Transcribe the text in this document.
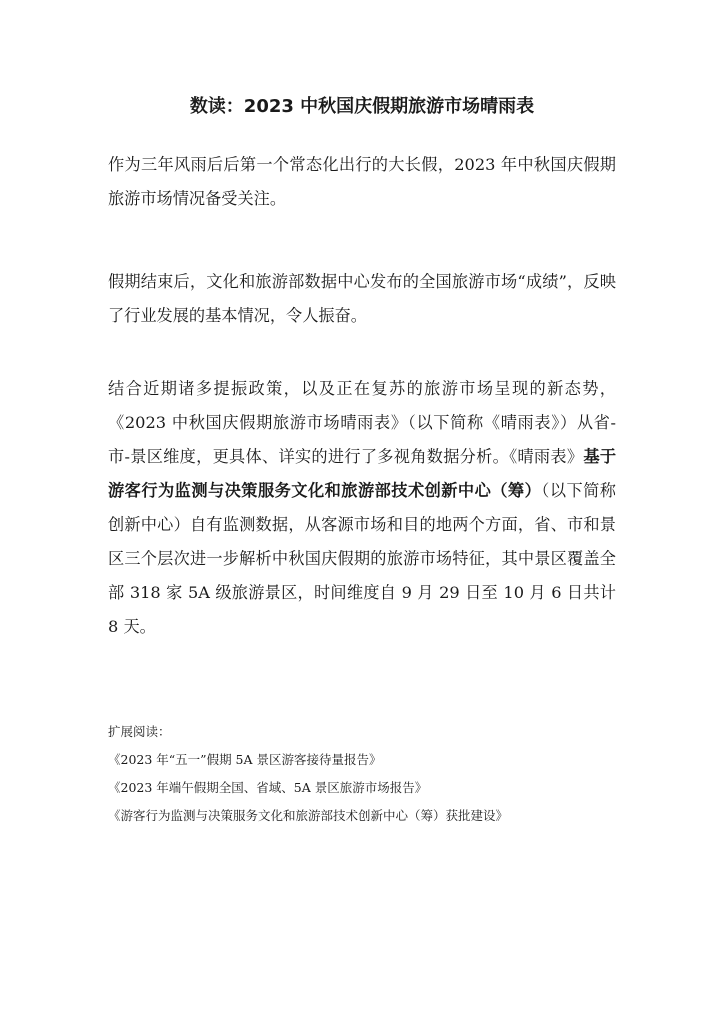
数读：2023 中秋国庆假期旅游市场晴雨表

作为三年风雨后后第一个常态化出行的大长假，2023 年中秋国庆假期旅游市场情况备受关注。

假期结束后，文化和旅游部数据中心发布的全国旅游市场“成绩”，反映了行业发展的基本情况，令人振奋。

结合近期诸多提振政策，以及正在复苏的旅游市场呈现的新态势，《2023 中秋国庆假期旅游市场晴雨表》（以下简称《晴雨表》）从省-市-景区维度，更具体、详实的进行了多视角数据分析。《晴雨表》基于游客行为监测与决策服务文化和旅游部技术创新中心（筹）（以下简称创新中心）自有监测数据，从客源市场和目的地两个方面，省、市和景区三个层次进一步解析中秋国庆假期的旅游市场特征，其中景区覆盖全部 318 家 5A 级旅游景区，时间维度自 9 月 29 日至 10 月 6 日共计 8 天。

扩展阅读：
《2023 年“五一”假期 5A 景区游客接待量报告》
《2023 年端午假期全国、省域、5A 景区旅游市场报告》
《游客行为监测与决策服务文化和旅游部技术创新中心（筹）获批建设》
